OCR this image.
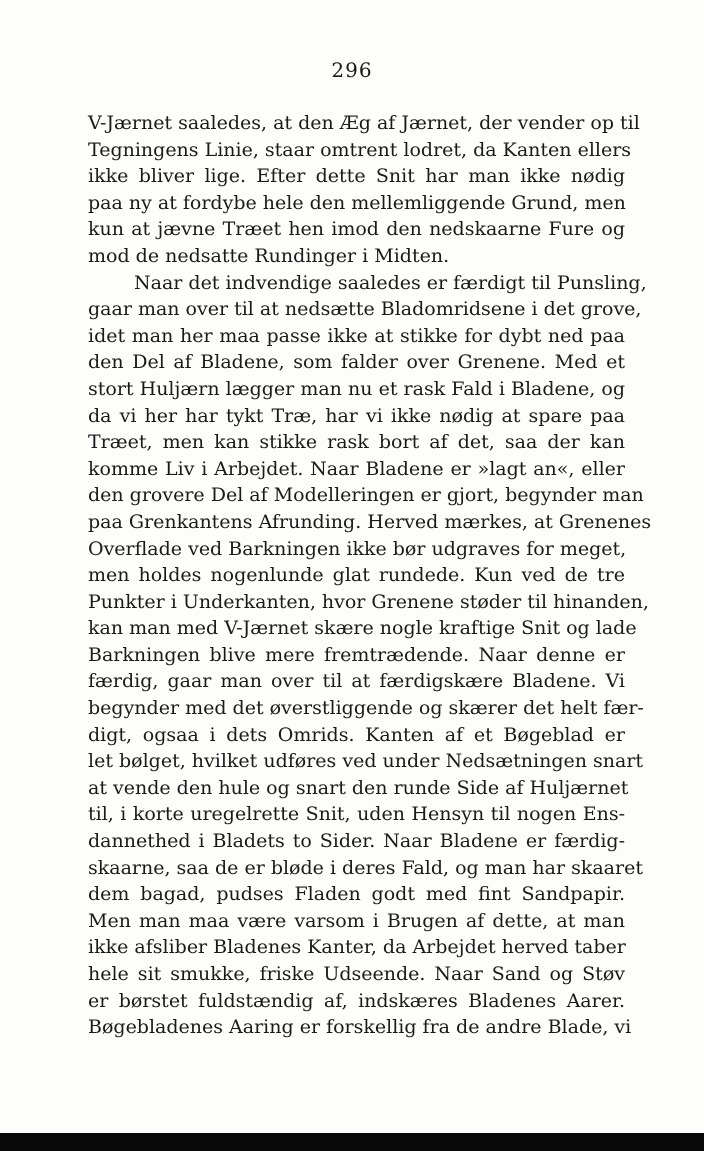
296
V-Jærnet saaledes, at den Æg af Jærnet, der vender op til
Tegningens Linie, staar omtrent lodret, da Kanten ellers
ikke bliver lige. Efter dette Snit har man ikke nødig
paa ny at fordybe hele den mellemliggende Grund, men
kun at jævne Træet hen imod den nedskaarne Fure og
mod de nedsatte Rundinger i Midten.
Naar det indvendige saaledes er færdigt til Punsling,
gaar man over til at nedsætte Bladomridsene i det grove,
idet man her maa passe ikke at stikke for dybt ned paa
den Del af Bladene, som falder over Grenene. Med et
stort Huljærn lægger man nu et rask Fald i Bladene, og
da vi her har tykt Træ, har vi ikke nødig at spare paa
Træet, men kan stikke rask bort af det, saa der kan
komme Liv i Arbejdet. Naar Bladene er »lagt an«, eller
den grovere Del af Modelleringen er gjort, begynder man
paa Grenkantens Afrunding. Herved mærkes, at Grenenes
Overflade ved Barkningen ikke bør udgraves for meget,
men holdes nogenlunde glat rundede. Kun ved de tre
Punkter i Underkanten, hvor Grenene støder til hinanden,
kan man med V-Jærnet skære nogle kraftige Snit og lade
Barkningen blive mere fremtrædende. Naar denne er
færdig, gaar man over til at færdigskære Bladene. Vi
begynder med det øverstliggende og skærer det helt fær-
digt, ogsaa i dets Omrids. Kanten af et Bøgeblad er
let bølget, hvilket udføres ved under Nedsætningen snart
at vende den hule og snart den runde Side af Huljærnet
til, i korte uregelrette Snit, uden Hensyn til nogen Ens-
dannethed i Bladets to Sider. Naar Bladene er færdig-
skaarne, saa de er bløde i deres Fald, og man har skaaret
dem bagad, pudses Fladen godt med fint Sandpapir.
Men man maa være varsom i Brugen af dette, at man
ikke afsliber Bladenes Kanter, da Arbejdet herved taber
hele sit smukke, friske Udseende. Naar Sand og Støv
er børstet fuldstændig af, indskæres Bladenes Aarer.
Bøgebladenes Aaring er forskellig fra de andre Blade, vi
